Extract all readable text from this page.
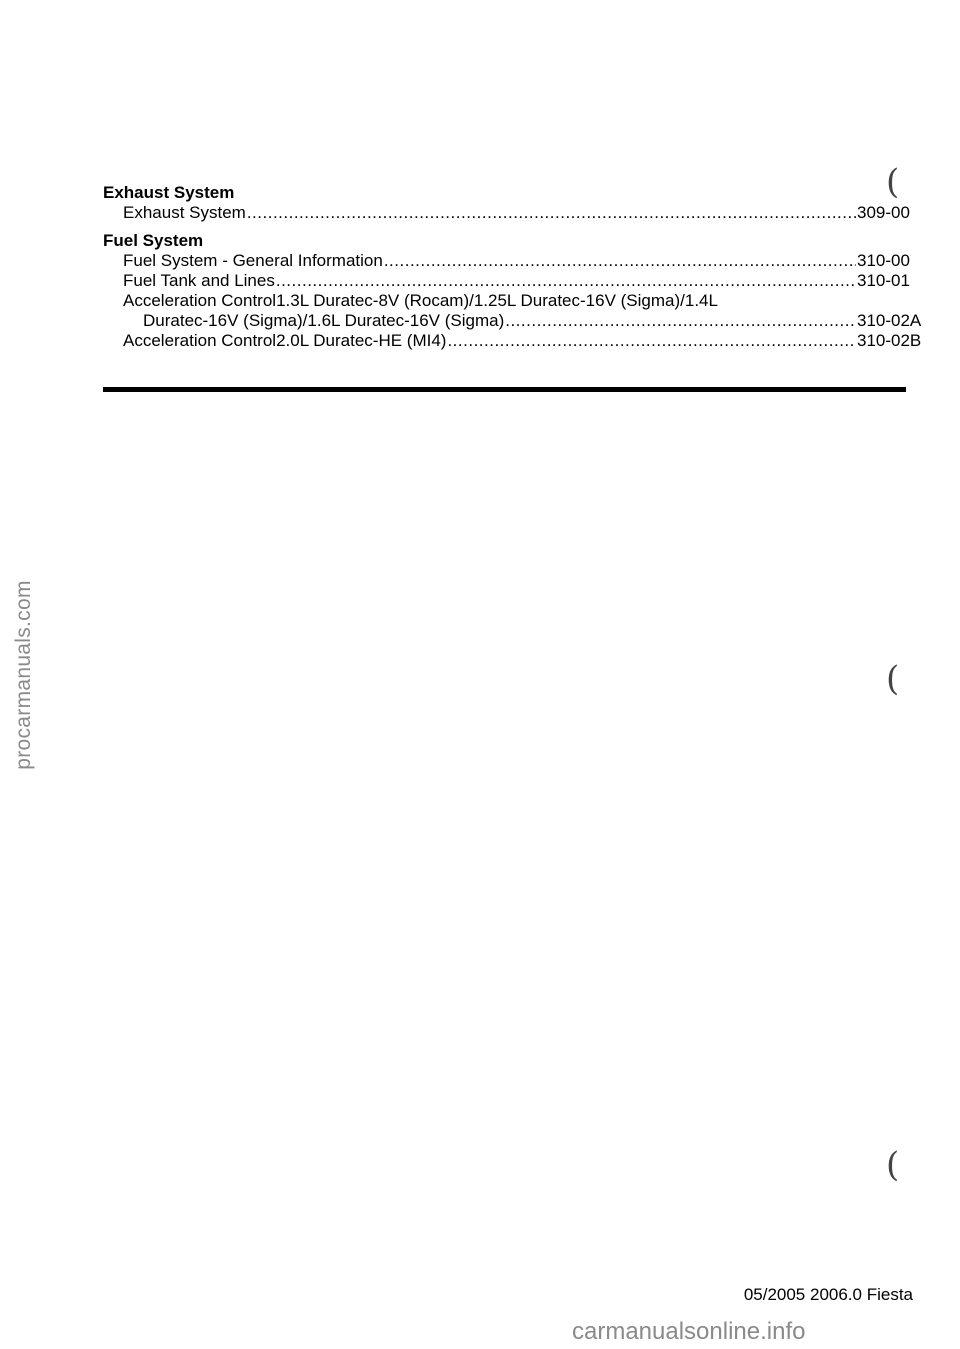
procarmanuals.com
Exhaust System
Exhaust System .....	309-00
Fuel System
Fuel System - General Information .....	310-00
Fuel Tank and Lines .....	310-01
Acceleration Control1.3L Duratec-8V (Rocam)/1.25L Duratec-16V (Sigma)/1.4L
Duratec-16V (Sigma)/1.6L Duratec-16V (Sigma) .....	310-02A
Acceleration Control2.0L Duratec-HE (MI4) .....	310-02B
(
(
(
05/2005 2006.0 Fiesta
carmanualsonline.info
